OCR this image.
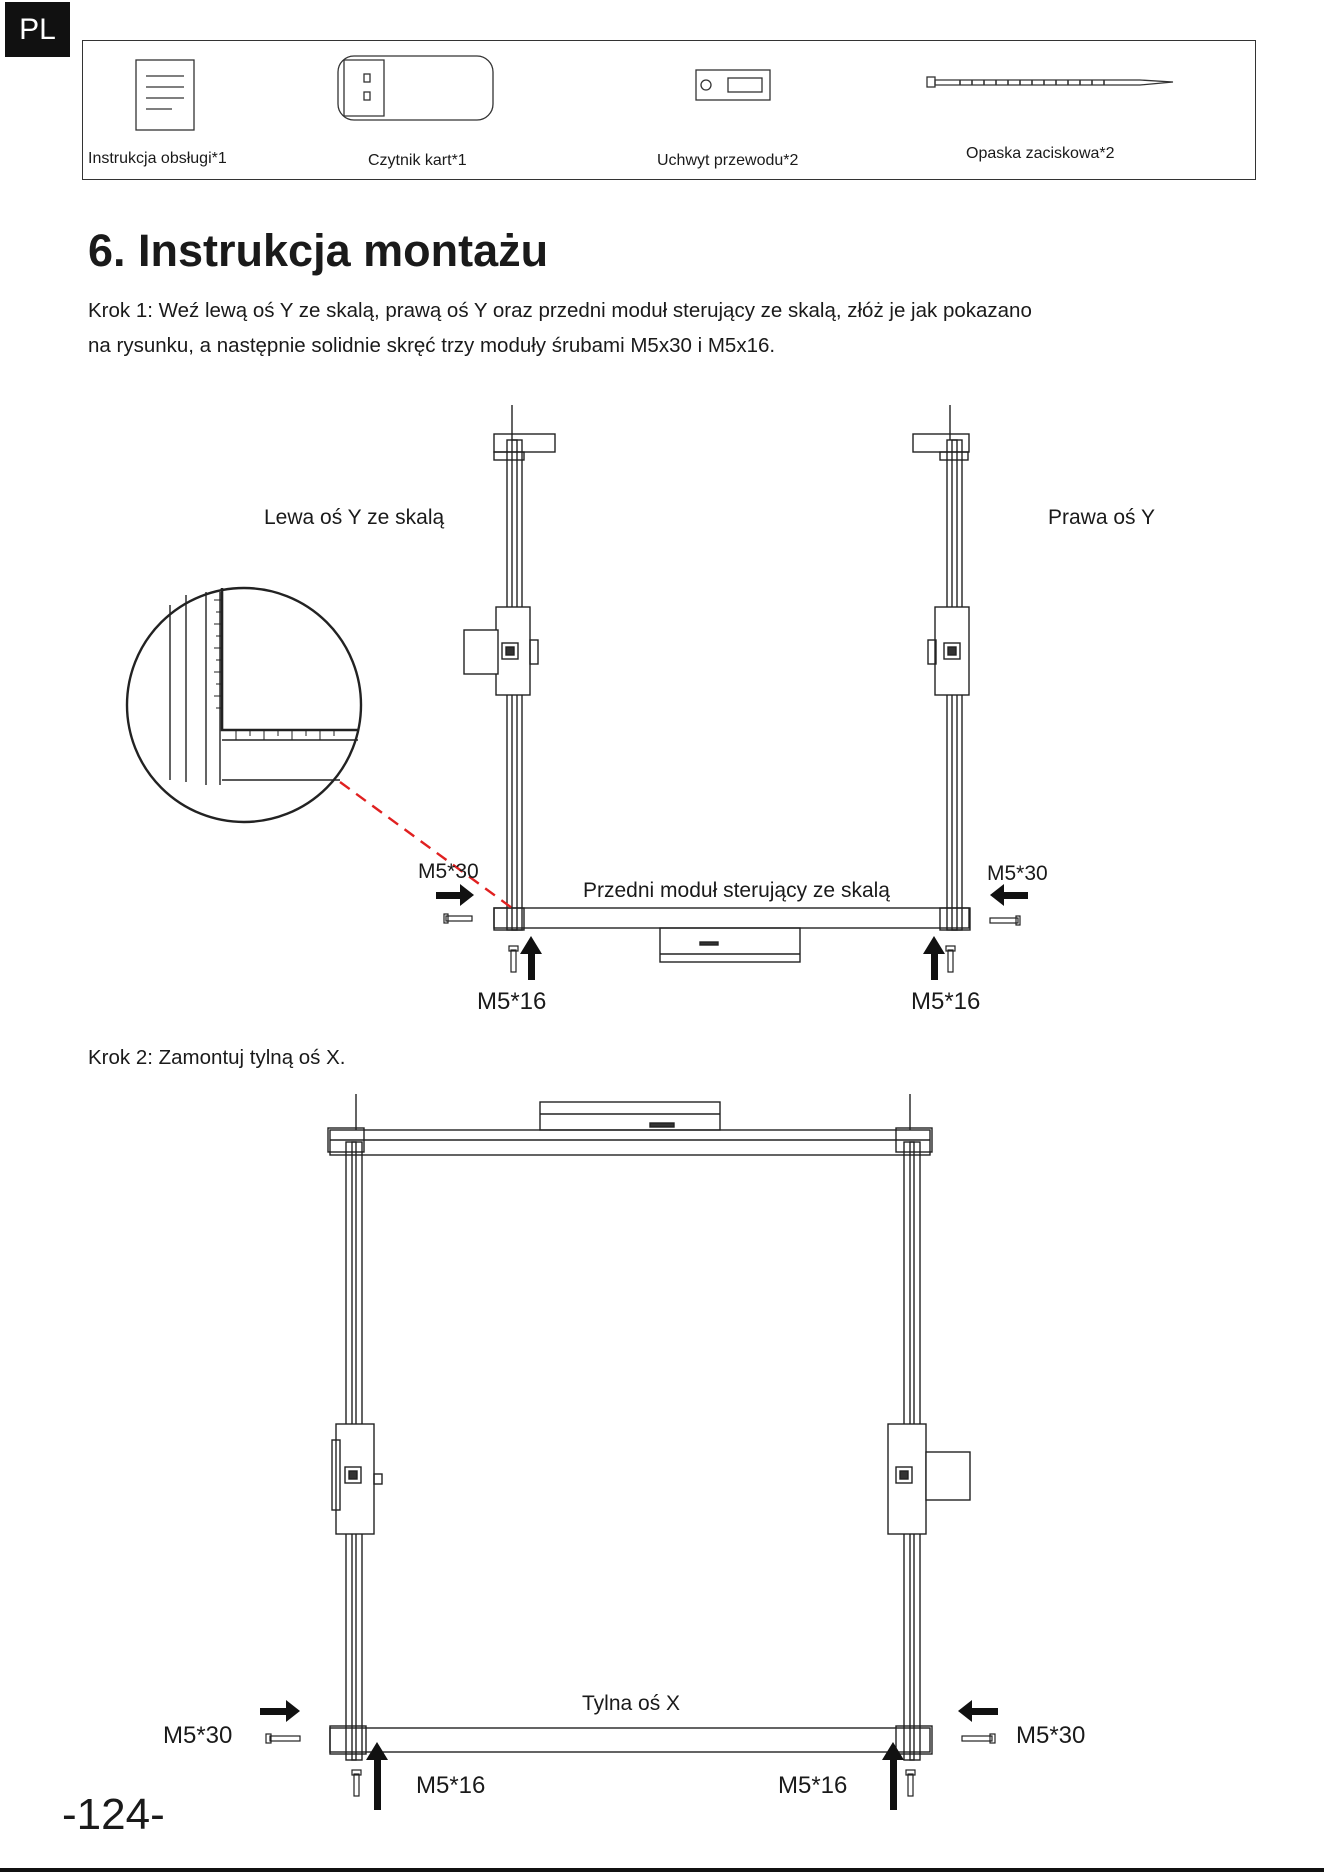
PL
Instrukcja obsługi*1	Czytnik kart*1	Uchwyt przewodu*2	Opaska zaciskowa*2
6. Instrukcja montażu
Krok 1: Weź lewą oś Y ze skalą, prawą oś Y oraz przedni moduł sterujący ze skalą, złóż je jak pokazano
na rysunku, a następnie solidnie skręć trzy moduły śrubami M5x30 i M5x16.
Lewa oś Y ze skalą	Prawa oś Y
Przedni moduł sterujący ze skalą
M5*30	M5*30
M5*16	M5*16
Krok 2: Zamontuj tylną oś X.
Tylna oś X
M5*30	M5*30
M5*16	M5*16
-124-
